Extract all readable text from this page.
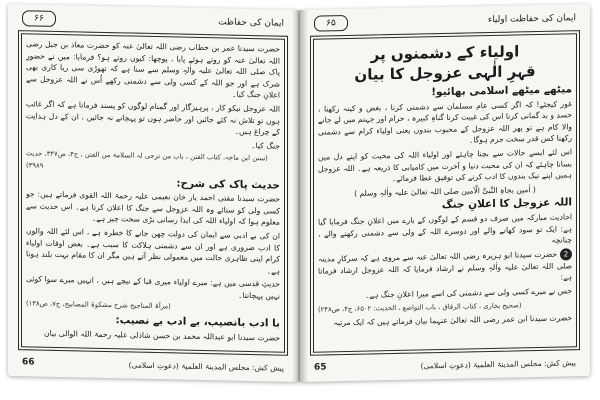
ایمان کی حفاظت
۶۶

حضرت سیدنا عمر بن خطاب رضی اللہ تعالیٰ عنہ کو حضرت معاذ بن جبل رضی اللہ تعالیٰ عنہ کو روتے ہوئے پایا ، پوچھا: کیوں روتے ہو؟ فرمایا: میں نے حضورِ پاک صلی اللہ تعالیٰ علیہ واٰلہٖ وسلم سے سنا ہے کہ تھوڑی سی ریا کاری بھی شرک ہے اور جو اللہ کے کسی ولی سے دشمنی رکھے اُس نے اللہ عزوجل سے اعلانِ جنگ کیا۔

اللہ عزوجل نیکو کار ، پرہیزگار اور گمنام لوگوں کو پسند فرماتا ہے کہ اگر غائب ہوں تو تلاش نہ کئے جائیں اور حاضر ہوں تو پہچانے نہ جائیں ، ان کے دل ہدایت کے چراغ ہیں۔

جنگ کیا۔

(سنن ابن ماجہ، کتاب الفتن ، باب من ترجی لہ السلامۃ من الفتن ، ج۴، ص۳۴۷، حدیث ۳۹۸۹)

حدیث پاک کی شرح:

حضرت سیدنا مفتی احمد یار خان نعیمی علیہ رحمۃ اللہ القوی فرماتے ہیں: جو کسی ولی کو ستائے وہ اللہ عزوجل سے جنگ کا اعلان کرتا ہے۔ اس حدیث سے معلوم ہوا کہ اولیاء اللہ کی ایذا رسانی بڑی سخت چیز ہے۔

ان کی بے ادبی سے ایمان کی دولت چھن جانے کا خطرہ ہے ، اس لئے اللہ والوں کا ادب ضروری ہے اور ان سے دشمنی ہلاکت کا سبب ہے۔ بعض اوقات اولیاء کرام اپنی ظاہری حالت میں معمولی نظر آتے ہیں مگر ان کا مقام بہت بلند ہوتا ہے۔

حدیثِ قدسی میں ہے: میرے اولیاء میری قبا کے نیچے ہیں ، انہیں میرے سوا کوئی نہیں پہچانتا۔

(مرآۃ المناجیح شرح مشکوۃ المصابیح، ج۷، ص۱۳۸)

با ادب بانصیب، بے ادب بے نصیب:

حضرت سیدنا ابو عبداللہ محمد بن حسن شاذلی علیہ رحمۃ اللہ الوالی بیان

پیش کش: مجلس المدینۃ العلمیۃ (دعوتِ اسلامی)
66
ایمان کی حفاظت اولیاء
۶۵
اولیاء کے دشمنوں پر
قہرِ الٰہی عزوجل کا بیان
میٹھے میٹھے اسلامی بھائیو!

غور کیجئے! کہ اگر کسی عام مسلمان سے دشمنی کرنا ، بغض و کینہ رکھنا ، حسد و بد گمانی کرنا اس کی غیبت کرنا گناہِ کبیرہ ، حرام اور جہنم میں لے جانے والا کام ہے تو پھر اللہ عزوجل کے محبوب بندوں یعنی اولیاء کرام سے دشمنی رکھنا کس قدر سخت جرم ہوگا۔

اس لئے ایسے حالات سے بچنا چاہئے اور اولیاء اللہ کی محبت کو اپنے دل میں بسانا چاہئے کہ ان کی محبت دنیا و آخرت میں کامیابی کا ذریعہ ہے۔ اللہ عزوجل ہمیں اپنے نیک بندوں کا ادب کرنے کی توفیق عطا فرمائے۔

( اٰمین بجاہِ النَّبیِّ الْاَمین صلی اللہ تعالیٰ علیہ واٰلہٖ وسلم )

اللہ عزوجل کا اعلانِ جنگ

احادیث مبارکہ میں صرف دو قسم کے لوگوں کے بارے میں اعلانِ جنگ فرمایا گیا ہے: ایک تو سود کھانے والے اور دوسرے اللہ کے ولی سے دشمنی رکھنے والے ، چنانچہ

2حضرت سیدنا ابو ہریرہ رضی اللہ تعالیٰ عنہ سے مروی ہے کہ سرکارِ مدینہ صلی اللہ تعالیٰ علیہ واٰلہٖ وسلم نے ارشاد فرمایا کہ اللہ عزوجل ارشاد فرماتا ہے:

جس نے میرے کسی ولی سے دشمنی کی اسے میرا اعلانِ جنگ ہے۔

(صحیح بخاری ، کتاب الرقاق ، باب التواضع ، الحدیث: ۶۵۰۲، ج۴، ص۲۴۸)

حضرت سیدنا ابن عمر رضی اللہ تعالیٰ عنہما بیان فرماتے ہیں کہ ایک مرتبہ

پیش کش: مجلس المدینۃ العلمیۃ (دعوتِ اسلامی)
65
